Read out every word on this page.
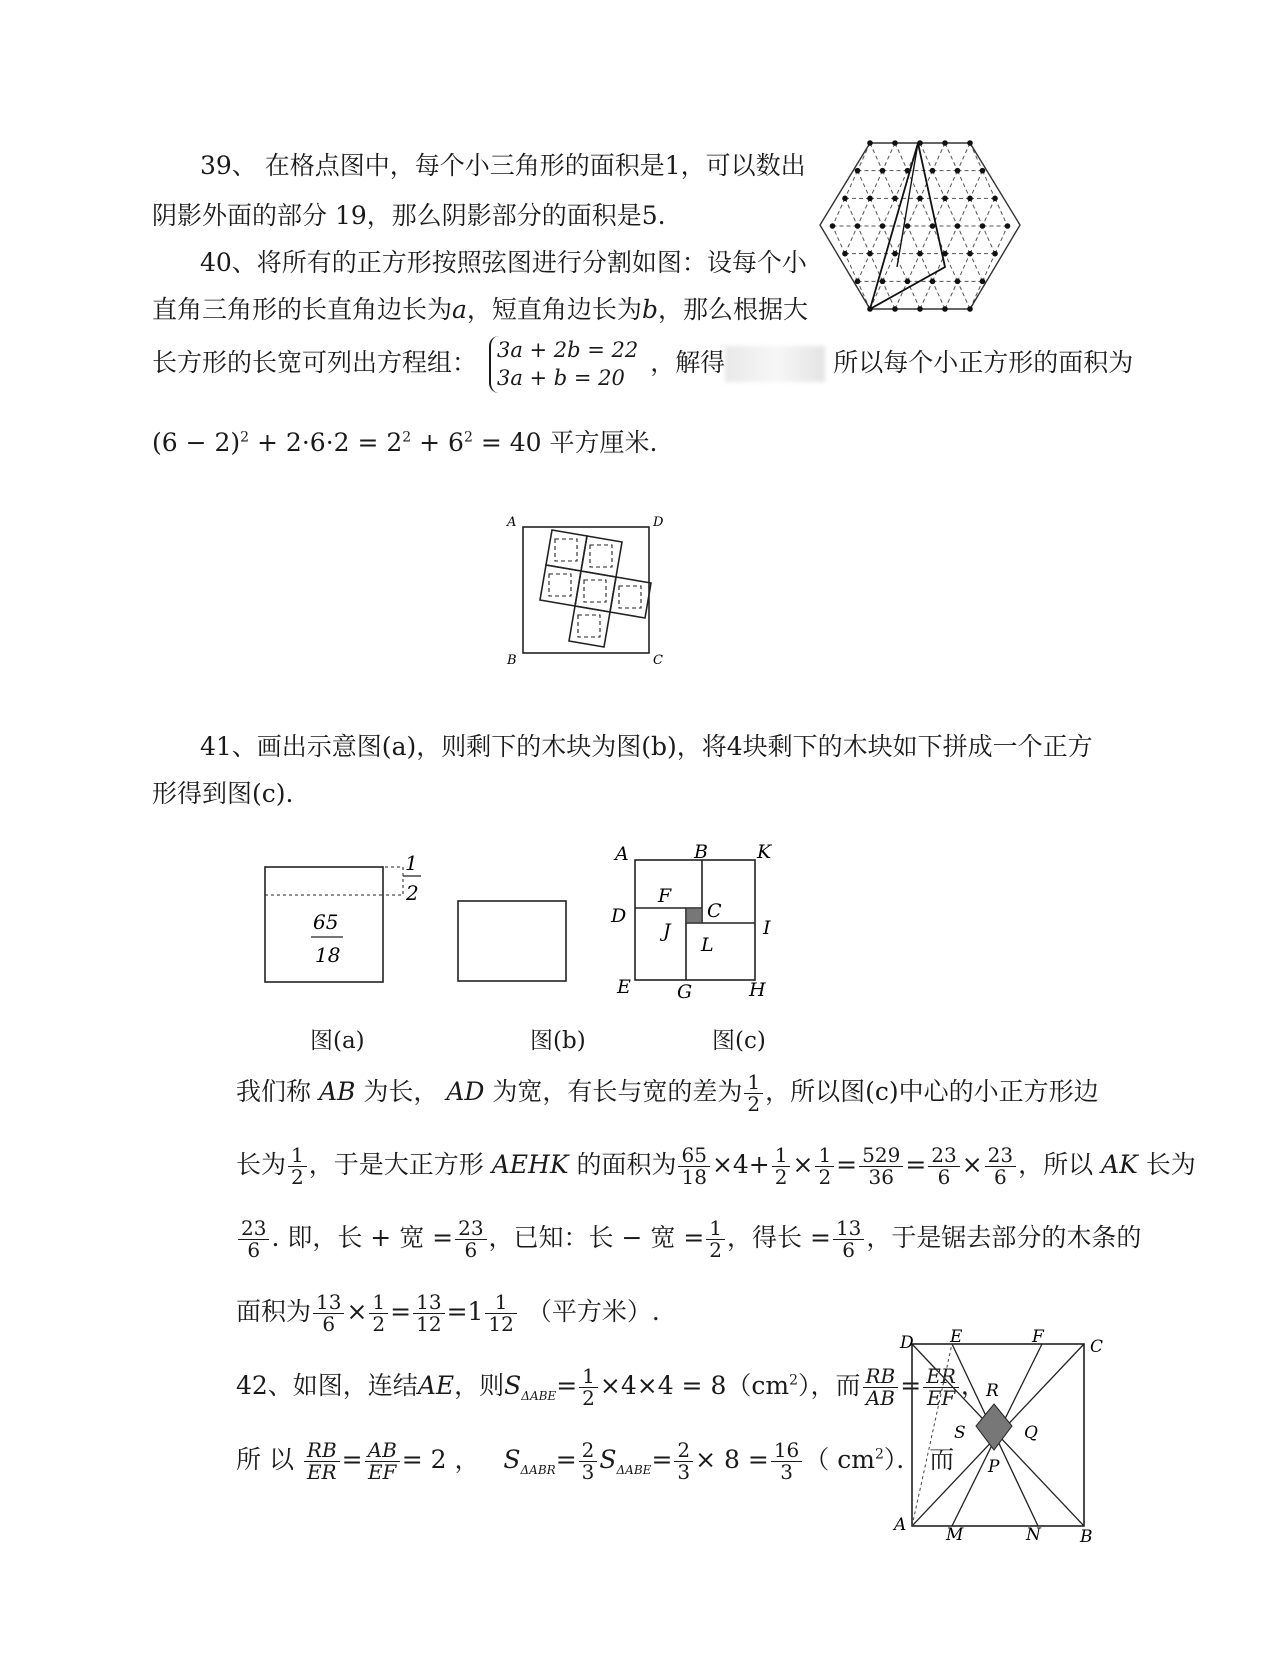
39、 在格点图中，每个小三角形的面积是1，可以数出
阴影外面的部分 19，那么阴影部分的面积是5.
40、将所有的正方形按照弦图进行分割如图：设每个小
直角三角形的长直角边长为a，短直角边长为b，那么根据大
长方形的长宽可列出方程组： 3a + 2b = 22
3a + b = 20 ，解得	所以每个小正方形的面积为
$(6 - 2)^2 + 2\cdot 6\cdot 2 = 2^2 + 6^2 = 40$ 平方厘米.
A	D
B	C
41、画出示意图(a)，则剩下的木块为图(b)，将4块剩下的木块如下拼成一个正方
形得到图(c).
1
2
65
18
A	B	K
D
F
C
I
J
L
E G	H
图(a)	图(b)	图(c)
我们称 AB 为长， AD 为宽，有长与宽的差为 $\frac{1}{2}$ ，所以图(c)中心的小正方形边
长为 $\frac{1}{2}$ ，于是大正方形 AEHK 的面积为 $\frac{65}{18} \times 4+ \frac{1}{2} \times \frac{1}{2} = \frac{529}{36} = \frac{23}{6} \times \frac{23}{6}$ ，所以 AK 长为
$\frac{23}{6}$ . 即，长 + 宽 = $\frac{23}{6}$ ，已知：长 − 宽 = $\frac{1}{2}$ ，得长 = $\frac{13}{6}$ ，于是锯去部分的木条的
面积为 $\frac{13}{6} \times \frac{1}{2} = \frac{13}{12} =1 \frac{1}{12}$ （平方米）.
42、如图，连结AE，则$S_{\Delta ABE}= \frac{1}{2} \times 4\times 4 = 8(cm^2)$，而 $\frac{RB}{AB} = \frac{ER}{EF}$ ，
所 以 $\frac{RB}{ER} = \frac{AB}{EF} = 2$ ， $S_{\Delta ABR}= \frac{2}{3} S_{\Delta ABE}= \frac{2}{3} \times 8 = \frac{16}{3}$ （ $cm^2$）． 而
D E	F	C
R
S	Q
P
A M	N B
